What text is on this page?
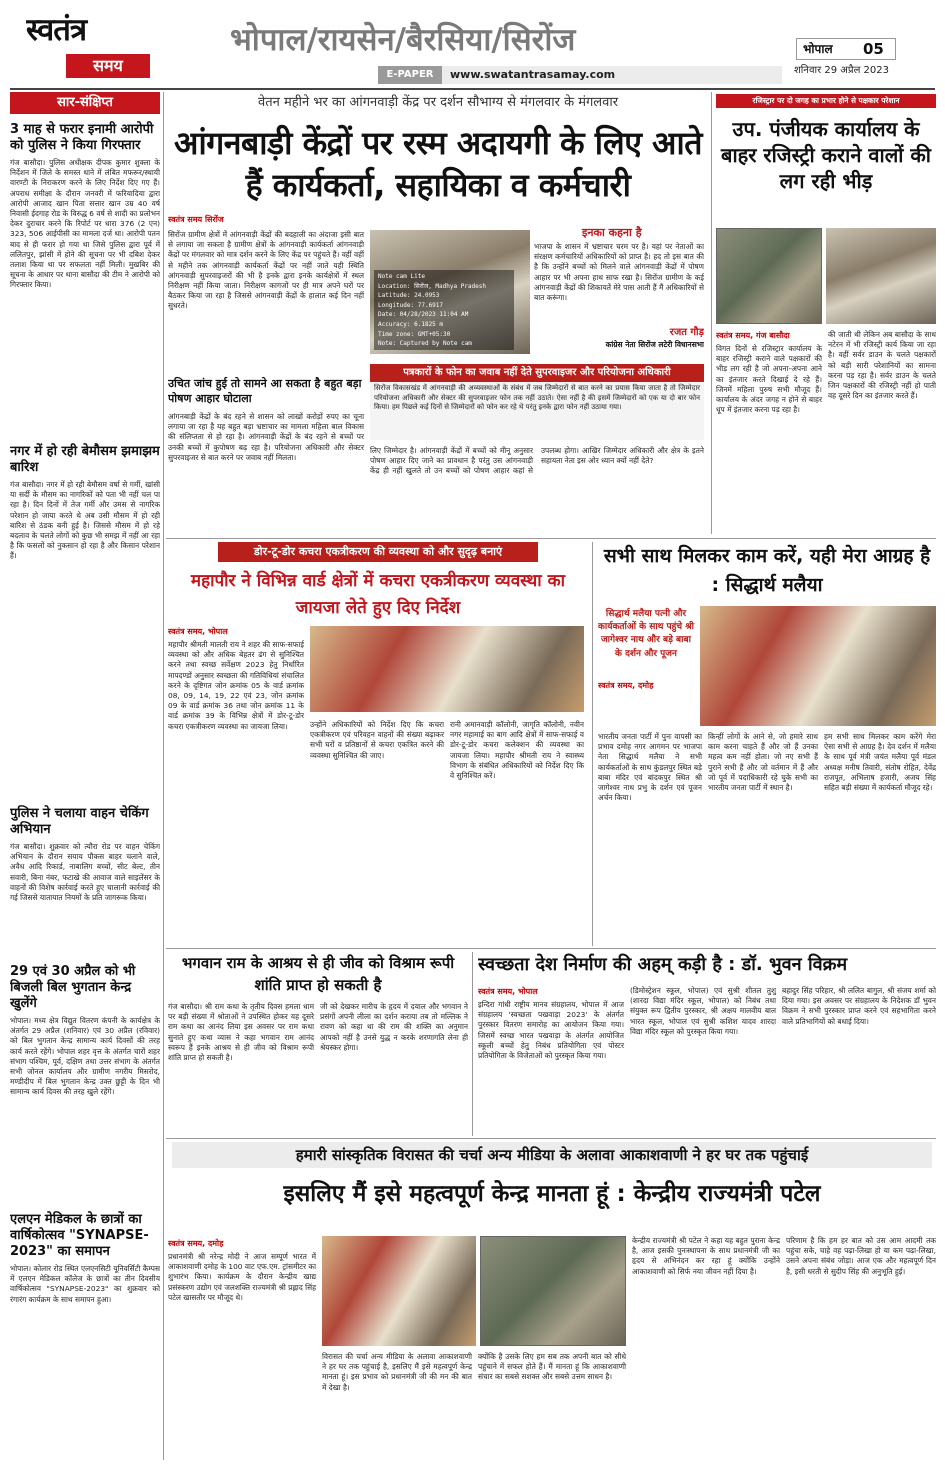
स्वतंत्र
समय
भोपाल/रायसेन/बैरसिया/सिरोंज
E-PAPER	www.swatantrasamay.com
भोपाल 05
शनिवार 29 अप्रैल 2023
सार-संक्षिप्त
3 माह से फरार इनामी आरोपी को पुलिस ने किया गिरफ्तार
गंज बासौदा। पुलिस अधीक्षक दीपक कुमार शुक्ला के निर्देशन में जिले के समस्त थाने में लंबित मफरूर/स्थायी वारण्टी के निराकरण करने के लिए निर्देश दिए गए हैं। अपराध समीक्षा के दौरान जनवरी में फरियादिया द्वारा आरोपी आजाद खान पिता सत्तार खान उम्र 40 वर्ष निवासी ईदगाह रोड के विरुद्ध 6 वर्ष से शादी का प्रलोभन देकर दुराचार करने कि रिपोर्ट पर धारा 376 (2 एन) 323, 506 आईपीसी का मामला दर्ज था। आरोपी पतन बाद से ही फरार हो गया था जिसे पुलिस द्वारा पूर्व में ललितपुर, झांसी में होने की सूचना पर भी दबिश देकर तलाश किया था पर सफलता नहीं मिली। मुखबिर की सूचना के आधार पर थाना बासौदा की टीम ने आरोपी को गिरफ्तार किया।
नगर में हो रही बेमौसम झमाझम बारिश
गंज बासौदा। नगर में हो रही बेमौसम वर्षा से गर्मी, खांसी या सर्दी के मौसम का नागरिकों को पता भी नहीं चल पा रहा है। दिन दिनों में तेज गर्मी और उमस से नागरिक परेशान हो जाया करते थे अब उसी मौसम में हो रही बारिश से ठंडक बनी हुई है। जिससे मौसम में हो रहे बदलाव के चलते लोगों को कुछ भी समझ में नहीं आ रहा है कि फसलों को नुकसान हो रहा है और किसान परेशान हैं।
पुलिस ने चलाया वाहन चेकिंग अभियान
गंज बासौदा। शुक्रवार को त्यौरा रोड पर वाहन चेकिंग अभियान के दौरान सयाय पौकस बाहर चलाने वाले, अवैध आदि रिकार्ड, नाबालिग बच्चों, सीट बेल्ट, तीन सवारी, बिना नंबर, फटाखे की आवाज वाले साइलेंसर के वाहनों की विशेष कार्रवाई करते हुए चालानी कार्रवाई की गई जिससे यातायात नियमों के प्रति जागरूक किया।
29 एवं 30 अप्रैल को भी बिजली बिल भुगतान केन्द्र खुलेंगे
भोपाल। मध्य क्षेत्र विद्युत वितरण कंपनी के कार्यक्षेत्र के अंतर्गत 29 अप्रैल (शनिवार) एवं 30 अप्रैल (रविवार) को बिल भुगतान केन्द्र सामान्य कार्य दिवसों की तरह कार्य करते रहेंगे। भोपाल शहर वृत्त के अंतर्गत चारों शहर संभाग पश्चिम, पूर्व, दक्षिण तथा उत्तर संभाग के अंतर्गत सभी जोनल कार्यालय और ग्रामीण नगरीय मिसरोद, मण्डीदीप में बिल भुगतान केन्द्र उक्त छुट्टी के दिन भी सामान्य कार्य दिवस की तरह खुले रहेंगे।
एलएन मेडिकल के छात्रों का वार्षिकोत्सव "SYNAPSE-2023" का समापन
भोपाल। कोलार रोड स्थित एलएनसिटी यूनिवर्सिटी कैम्पस में एलएन मेडिकल कॉलेज के छात्रों का तीन दिवसीय वार्षिकोत्सव "SYNAPSE-2023" का शुक्रवार को रंगारंग कार्यक्रम के साथ समापन हुआ।
वेतन महीने भर का आंगनवाड़ी केंद्र पर दर्शन सौभाग्य से मंगलवार के मंगलवार
आंगनबाड़ी केंद्रों पर रस्म अदायगी के लिए आते हैं कार्यकर्ता, सहायिका व कर्मचारी
स्वतंत्र समय सिरोंज
सिरोंज ग्रामीण क्षेत्रों में आंगनवाड़ी केंद्रों की बदहाली का अंदाजा इसी बात से लगाया जा सकता है ग्रामीण क्षेत्रों के आंगनवाड़ी कार्यकर्ता आंगनवाड़ी केंद्रों पर मंगलवार को मात्र दर्शन करने के लिए केंद्र पर पहुंचते हैं। वहीं वहीं से महीने तक आंगनवाड़ी कार्यकर्ता केंद्रों पर नहीं जाते यही स्थिति आंगनवाड़ी सुपरवाइजरों की भी है इनके द्वारा इनके कार्यक्षेत्रों में स्थल निरीक्षण नहीं किया जाता। निरीक्षण कागजों पर ही मात्र अपने घरों पर बैठकर किया जा रहा है जिससे आंगनवाड़ी केंद्रों के हालात कई दिन नहीं सुधरते।
उचित जांच हुई तो सामने आ सकता है बहुत बड़ा पोषण आहार घोटाला
आंगनबाड़ी केंद्रों के बंद रहने से शासन को लाखों करोड़ों रुपए का चूना लगाया जा रहा है यह बहुत बड़ा भ्रष्टाचार का मामला महिला बाल विकास की संलिप्तता से हो रहा है। आंगनवाड़ी केंद्रों के बंद रहने से बच्चों पर उनकी बच्चों में कुपोषण बढ़ रहा है। परियोजना अधिकारी और सेक्टर सुपरवाइजर से बात करने पर जवाब नहीं मिलता।
Note cam Lite
Location: सिरोंज, Madhya Pradesh
Latitude: 24.0953
Longitude: 77.6917
Date: 04/28/2023 11:04 AM
Accuracy: 6.1825 m
Time zone: GMT+05:30
Note: Captured by Note cam
इनका कहना है
भाजपा के शासन में भ्रष्टाचार चरम पर है। यहां पर नेताओं का संरक्षण कर्मचारियों अधिकारियों को प्राप्त है। हद तो इस बात की है कि उन्होंने बच्चों को मिलने वाले आंगनवाड़ी केंद्रों में पोषण आहार पर भी अपना हाथ साफ रखा है। सिरोंज ग्रामीण के कई आंगनवाड़ी केंद्रों की शिकायतें मेरे पास आती हैं मैं अधिकारियों से बात करूंगा।
रजत गौड़
कांग्रेस नेता सिरोंज लटेरी विधानसभा
पत्रकारों के फोन का जवाब नहीं देते सुपरवाइजर और परियोजना अधिकारी
सिरोंज विकासखंड में आंगनवाड़ी की अव्यवस्थाओं के संबंध में जब जिम्मेदारों से बात करने का प्रयास किया जाता है तो जिम्मेदार परियोजना अधिकारी और सेक्टर की सुपरवाइजर फोन तक नहीं उठाते। ऐसा नहीं है की इसमें जिम्मेदारों को एक या दो बार फोन किया। हम पिछले कई दिनों से जिम्मेदारों को फोन कर रहे थे परंतु इनके द्वारा फोन नहीं उठाया गया।
लिए जिम्मेदार है। आंगनवाड़ी केंद्रों में बच्चों को मीनू अनुसार पोषण आहार दिए जाने का प्रावधान है परंतु उस आंगनवाड़ी केंद्र ही नहीं खुलते तो उन बच्चों को पोषण आहार कहां से उपलब्ध होगा। आखिर जिम्मेदार अधिकारी और क्षेत्र के इतने सहायता नेता इस ओर ध्यान क्यों नहीं देते?
रजिस्ट्रार पर दो जगह का प्रभार होने से पक्षकार परेशान
उप. पंजीयक कार्यालय के बाहर रजिस्ट्री कराने वालों की लग रही भीड़
स्वतंत्र समय, गंज बासौदा
विगत दिनों से रजिस्ट्रार कार्यालय के बाहर रजिस्ट्री कराने वाले पक्षकारों की भीड़ लग रही है जो अपना-अपना आने का इंतजार करते दिखाई दे रहे हैं। जिनमें महिला पुरुष सभी मौजूद हैं। कार्यालय के अंदर जगह न होने से बाहर धूप में इंतजार करना पड़ रहा है।
की जाती थी लेकिन अब बासौदा के साथ नटेरन में भी रजिस्ट्री कार्य किया जा रहा है। वहीं सर्वर डाउन के चलते पक्षकारों को बड़ी सारी परेशानियों का सामना करना पड़ रहा है। सर्वर डाउन के चलते जिन पक्षकारों की रजिस्ट्री नहीं हो पाती वह दूसरे दिन का इंतजार करते हैं।
डोर-टू-डोर कचरा एकत्रीकरण की व्यवस्था को और सुदृढ़ बनाएं
महापौर ने विभिन्न वार्ड क्षेत्रों में कचरा एकत्रीकरण व्यवस्था का जायजा लेते हुए दिए निर्देश
स्वतंत्र समय, भोपाल
महापौर श्रीमती मालती राय ने शहर की साफ-सफाई व्यवस्था को और अधिक बेहतर ढंग से सुनिश्चित करने तथा स्वच्छ सर्वेक्षण 2023 हेतु निर्धारित मापदण्डों अनुसार स्वच्छता की गतिविधियां संचालित करने के दृष्टिगत जोन क्रमांक 05 के वार्ड क्रमांक 08, 09, 14, 19, 22 एवं 23, जोन क्रमांक 09 के वार्ड क्रमांक 36 तथा जोन क्रमांक 11 के वार्ड क्रमांक 39 के विभिन्न क्षेत्रों में डोर-टू-डोर कचरा एकत्रीकरण व्यवस्था का जायजा लिया।	उन्होंने अधिकारियों को निर्देश दिए कि कचरा एकत्रीकरण एवं परिवहन वाहनों की संख्या बढ़ाकर सभी घरों व प्रतिष्ठानों से कचरा एकत्रित करने की व्यवस्था सुनिश्चित की जाए।
रानी अमानवाड़ी कॉलोनी, जागृति कॉलोनी, नवीन नगर महामाई का बाग आदि क्षेत्रों में साफ-सफाई व डोर-टू-डोर कचरा कलेक्शन की व्यवस्था का जायजा लिया। महापौर श्रीमती राय ने स्वास्थ्य विभाग के संबंधित अधिकारियों को निर्देश दिए कि वे सुनिश्चित करें।
सभी साथ मिलकर काम करें, यही मेरा आग्रह है : सिद्धार्थ मलैया
सिद्धार्थ मलैया पत्नी और कार्यकर्ताओं के साथ पहुंचे श्री जागेश्वर नाथ और बड़े बाबा के दर्शन और पूजन
स्वतंत्र समय, दमोह
भारतीय जनता पार्टी में पुनः वापसी का प्रभाव दमोह नगर आगमन पर भाजपा नेता सिद्धार्थ मलैया ने सभी कार्यकर्ताओं के साथ कुंडलपुर स्थित बड़े बाबा मंदिर एवं बांदकपुर स्थित श्री जागेश्वर नाथ प्रभु के दर्शन एवं पूजन अर्चन किया।
किन्हीं लोगों के आने से, जो हमारे साथ काम करना चाहते हैं और जो हैं उनका महत्व कम नहीं होता। जो नए सभी हैं पुराने सभी हैं और जो वर्तमान में हैं और जो पूर्व में पदाधिकारी रहे चुके सभी का भारतीय जनता पार्टी में स्थान है।
हम सभी साथ मिलकर काम करेंगे मेरा ऐसा सभी से आग्रह है। देव दर्शन में मलैया के साथ पूर्व मंत्री जयंत मलैया पूर्व मंडल अध्यक्ष मनीष तिवारी, संतोष रोहित, देवेंद्र राजपूत, अभिलाष हजारी, अजय सिंह सहित बड़ी संख्या में कार्यकर्ता मौजूद रहे।
भगवान राम के आश्रय से ही जीव को विश्राम रूपी शांति प्राप्त हो सकती है
गंज बासौदा। श्री राम कथा के तृतीय दिवस हमला धाम पर बड़ी संख्या में श्रोताओं ने उपस्थित होकर यह दूसरे राम कथा का आनंद लिया इस अवसर पर राम कथा सुनाते हुए कथा व्यास ने कहा भगवान राम आनंद स्वरूप हैं इनके आश्रय से ही जीव को विश्राम रूपी शांति प्राप्त हो सकती है।
जी को देखकर मारीच के हृदय में दयाल और भगवान ने प्रसंगों अपनी लीला का दर्शन कराया तब तो मल्लिक ने रावण को कहा था की राम की शक्ति का अनुमान आपको नहीं है उनसे युद्ध न करके शरणागति लेना ही श्रेयस्कर होगा।
स्वच्छता देश निर्माण की अहम् कड़ी है : डॉ. भुवन विक्रम
स्वतंत्र समय, भोपाल
इन्दिरा गांधी राष्ट्रीय मानव संग्रहालय, भोपाल में आज संग्रहालय 'स्वच्छता पखवाड़ा 2023' के अंतर्गत पुरस्कार वितरण समारोह का आयोजन किया गया। जिसमें स्वच्छ भारत पखवाड़ा के अंतर्गत आयोजित स्कूली बच्चों हेतु निबंध प्रतियोगिता एवं पोस्टर प्रतियोगिता के विजेताओं को पुरस्कृत किया गया।
(डिमोस्ट्रेशन स्कूल, भोपाल) एवं सुश्री शीतल तुशु (शारदा विद्या मंदिर स्कूल, भोपाल) को निबंध तथा संयुक्त रूप द्वितीय पुरस्कार, श्री अक्षय मालवीय बाल भारत स्कूल, भोपाल एवं सुश्री कशिश यादव शारदा विद्या मंदिर स्कूल को पुरस्कृत किया गया।
बहादुर सिंह परिहार, श्री ललित बागुल, श्री संजय शर्मा को दिया गया। इस अवसर पर संग्रहालय के निदेशक डॉ भुवन विक्रम ने सभी पुरस्कार प्राप्त करने एवं सहभागिता करने वाले प्रतिभागियों को बधाई दिया।
हमारी सांस्कृतिक विरासत की चर्चा अन्य मीडिया के अलावा आकाशवाणी ने हर घर तक पहुंचाई
इसलिए मैं इसे महत्वपूर्ण केन्द्र मानता हूं : केन्द्रीय राज्यमंत्री पटेल
स्वतंत्र समय, दमोह
प्रधानमंत्री श्री नरेन्द्र मोदी ने आज सम्पूर्ण भारत में आकाशवाणी दमोह के 100 वाट एफ.एम. ट्रांसमीटर का शुभारंभ किया। कार्यक्रम के दौरान केन्द्रीय खाद्य प्रसंस्करण उद्योग एवं जलशक्ति राज्यमंत्री श्री प्रह्लाद सिंह पटेल खासतौर पर मौजूद थे।
विरासत की चर्चा अन्य मीडिया के अलावा आकाशवाणी ने हर घर तक पहुंचाई है, इसलिए मैं इसे महत्वपूर्ण केन्द्र मानता हूं। इस प्रभाव को प्रधानमंत्री जी की मन की बात में देखा है।
क्योंकि है उसके लिए हम सब तक अपनी बात को सीधे पहुंचाने में सफल होते हैं। मैं मानता हूं कि आकाशवाणी संचार का सबसे सशक्त और सबसे उत्तम साधन है।
केन्द्रीय राज्यमंत्री श्री पटेल ने कहा यह बहुत पुराना केन्द्र है, आज इसकी पुनःस्थापना के साथ प्रधानमंत्री जी का हृदय से अभिनंदन कर रहा हूं क्योंकि उन्होंने आकाशवाणी को सिर्फ नया जीवन नहीं दिया है।
परिणाम है कि हम हर बात को उस आम आदमी तक पहुंचा सके, चाहे वह पढ़ा-लिखा हो या कम पढ़ा-लिखा, उसने अपना संबंध जोड़ा। आज एक और महत्वपूर्ण दिन है, इसी धरती से सुदीप सिंह की अनुभूति हुई।
